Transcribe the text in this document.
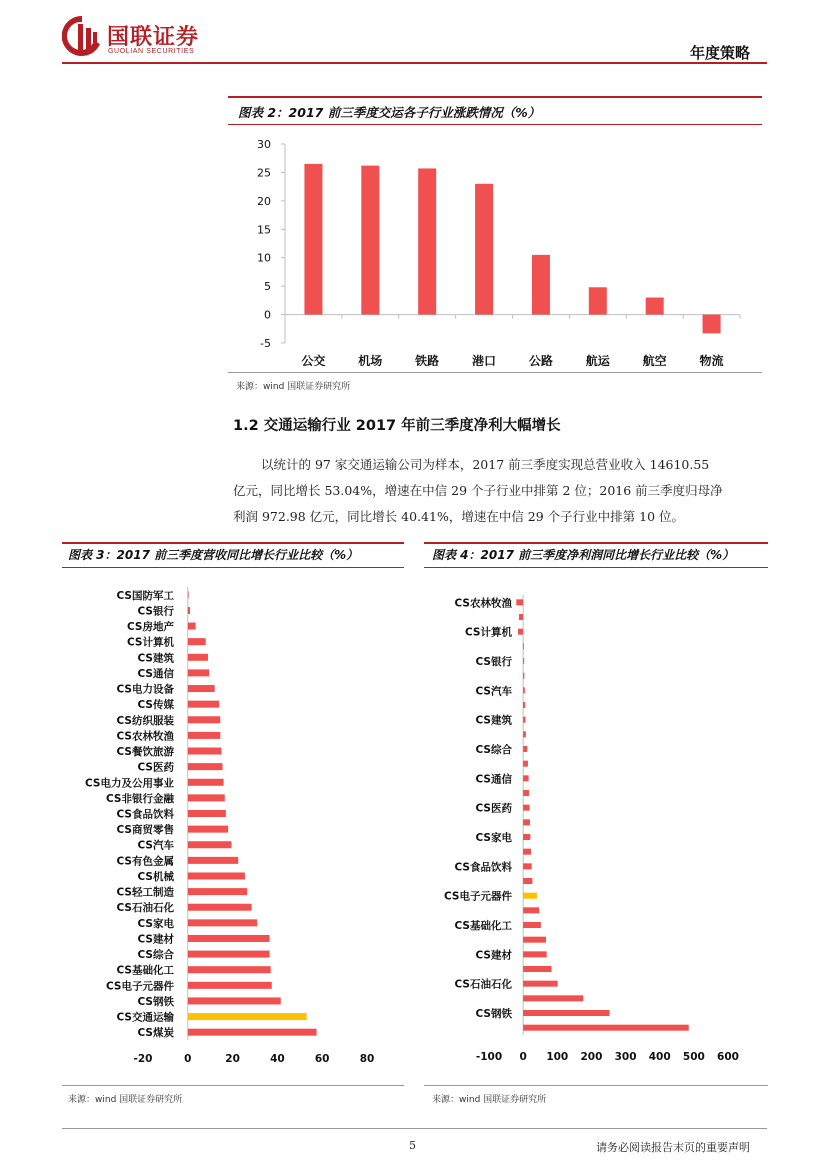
国联证券
GUOLIAN SECURITIES	年度策略
图表 2：2017 前三季度交运各子行业涨跌情况（%）
-5
0
5
10
15
20
25
30
公交	机场	铁路	港口	公路	航运	航空	物流
来源：wind 国联证券研究所
1.2 交通运输行业 2017 年前三季度净利大幅增长
以统计的 97 家交通运输公司为样本，2017 前三季度实现总营业收入 14610.55
亿元，同比增长 53.04%，增速在中信 29 个子行业中排第 2 位；2016 前三季度归母净
利润 972.98 亿元，同比增长 40.41%，增速在中信 29 个子行业中排第 10 位。
图表 3：2017 前三季度营收同比增长行业比较（%）
CS国防军工
CS银行
CS房地产
CS计算机
CS建筑
CS通信
CS电力设备
CS传媒
CS纺织服装
CS农林牧渔
CS餐饮旅游
CS医药
CS电力及公用事业
CS非银行金融
CS食品饮料
CS商贸零售
CS汽车
CS有色金属
CS机械
CS轻工制造
CS石油石化
CS家电
CS建材
CS综合
CS基础化工
CS电子元器件
CS钢铁
CS交通运输
CS煤炭
-20	0	20	40	60	80
来源：wind 国联证券研究所
图表 4：2017 前三季度净利润同比增长行业比较（%）
CS农林牧渔
CS计算机
CS银行
CS汽车
CS建筑
CS综合
CS通信
CS医药
CS家电
CS食品饮料
CS电子元器件
CS基础化工
CS建材
CS石油石化
CS钢铁
-100 0 100 200 300 400 500 600
来源：wind 国联证券研究所
5	请务必阅读报告末页的重要声明
